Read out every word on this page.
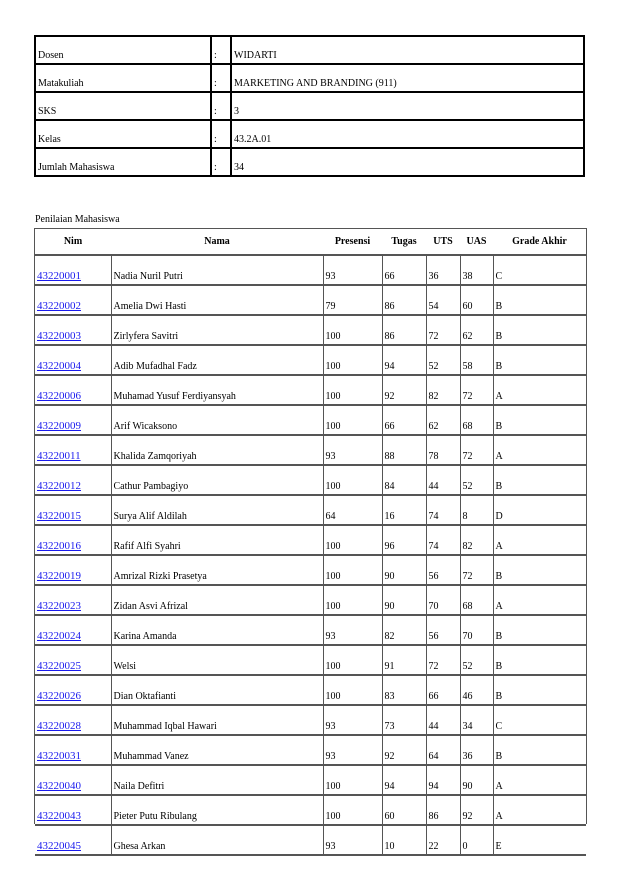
Dosen	:	WIDARTI
Matakuliah	:	MARKETING AND BRANDING (911)
SKS	:	3
Kelas	:	43.2A.01
Jumlah Mahasiswa	:	34
Penilaian Mahasiswa
Nim	Nama	Presensi	Tugas	UTS	UAS	Grade Akhir
43220001	Nadia Nuril Putri	93	66	36	38	C
43220002	Amelia Dwi Hasti	79	86	54	60	B
43220003	Zirlyfera Savitri	100	86	72	62	B
43220004	Adib Mufadhal Fadz	100	94	52	58	B
43220006	Muhamad Yusuf Ferdiyansyah	100	92	82	72	A
43220009	Arif Wicaksono	100	66	62	68	B
43220011	Khalida Zamqoriyah	93	88	78	72	A
43220012	Cathur Pambagiyo	100	84	44	52	B
43220015	Surya Alif Aldilah	64	16	74	8	D
43220016	Rafif Alfi Syahri	100	96	74	82	A
43220019	Amrizal Rizki Prasetya	100	90	56	72	B
43220023	Zidan Asvi Afrizal	100	90	70	68	A
43220024	Karina Amanda	93	82	56	70	B
43220025	Welsi	100	91	72	52	B
43220026	Dian Oktafianti	100	83	66	46	B
43220028	Muhammad Iqbal Hawari	93	73	44	34	C
43220031	Muhammad Vanez	93	92	64	36	B
43220040	Naila Defitri	100	94	94	90	A
43220043	Pieter Putu Ribulang	100	60	86	92	A
43220045	Ghesa Arkan	93	10	22	0	E
